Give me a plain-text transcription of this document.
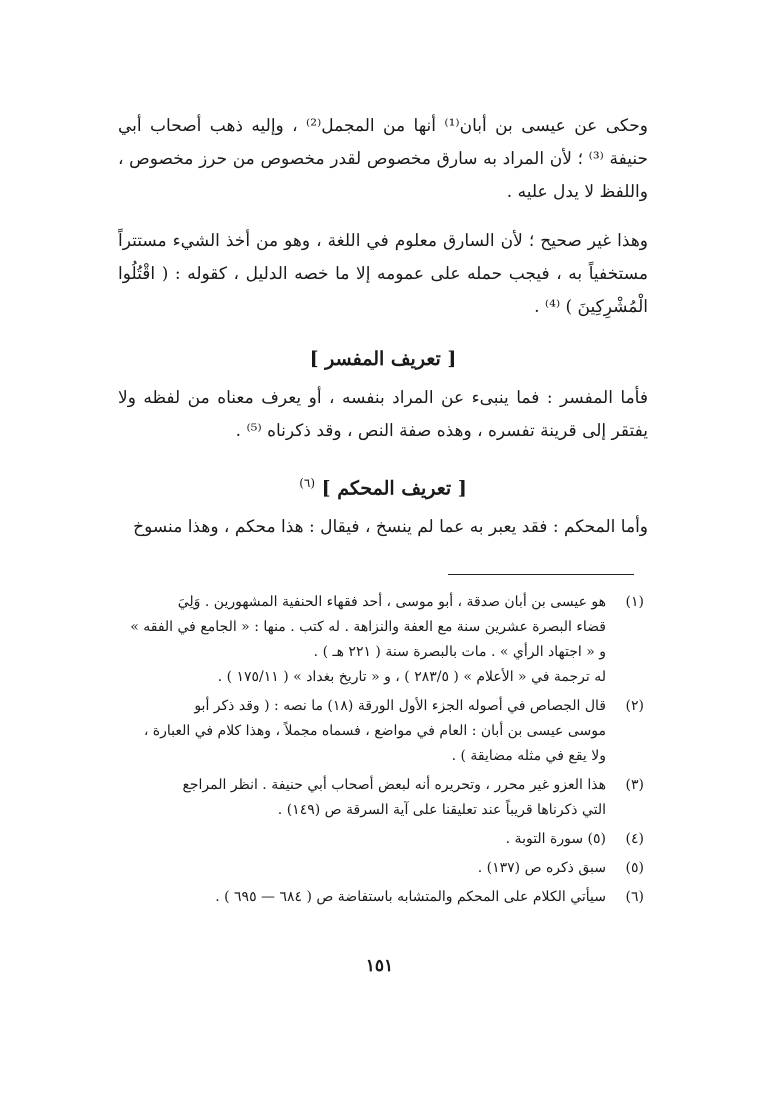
وحكى عن عيسى بن أبان⁽¹⁾ أنها من المجمل⁽²⁾ ، وإليه ذهب أصحاب أبي حنيفة ⁽³⁾ ؛ لأن المراد به سارق مخصوص لقدر مخصوص من حرز مخصوص ، واللفظ لا يدل عليه .

وهذا غير صحيح ؛ لأن السارق معلوم في اللغة ، وهو من أخذ الشيء مستتراً مستخفياً به ، فيجب حمله على عمومه إلا ما خصه الدليل ، كقوله : ( اقْتُلُوا الْمُشْرِكِينَ ) ⁽⁴⁾ .

[ تعريف المفسر ]

فأما المفسر : فما ينبىء عن المراد بنفسه ، أو يعرف معناه من لفظه ولا يفتقر إلى قرينة تفسره ، وهذه صفة النص ، وقد ذكرناه ⁽⁵⁾ .

[ تعريف المحكم ] $^{(٦)}$

وأما المحكم : فقد يعبر به عما لم ينسخ ، فيقال : هذا محكم ، وهذا منسوخ

(١)
هو عيسى بن أبان صدقة ، أبو موسى ، أحد فقهاء الحنفية المشهورين . وَلِيَ
قضاء البصرة عشرين سنة مع العفة والنزاهة . له كتب . منها : « الجامع في الفقه »
و « اجتهاد الرأي » . مات بالبصرة سنة ( ٢٢١ هـ ) .
له ترجمة في « الأعلام » ( ٢٨٣/٥ ) ، و « تاريخ بغداد » ( ١٧٥/١١ ) .
(٢)
قال الجصاص في أصوله الجزء الأول الورقة (١٨) ما نصه : ( وقد ذكر أبو
موسى عيسى بن أبان : العام في مواضع ، فسماه مجملاً ، وهذا كلام في العبارة ،
ولا يقع في مثله مضايقة ) .
(٣)
هذا العزو غير محرر ، وتحريره أنه لبعض أصحاب أبي حنيفة . انظر المراجع
التي ذكرناها قريباً عند تعليقنا على آية السرقة ص (١٤٩) .
(٤)
(٥) سورة التوبة .
(٥)
سبق ذكره ص (١٣٧) .
(٦)
سيأتي الكلام على المحكم والمتشابه باستفاضة ص ( ٦٨٤ — ٦٩٥ ) .
١٥١
